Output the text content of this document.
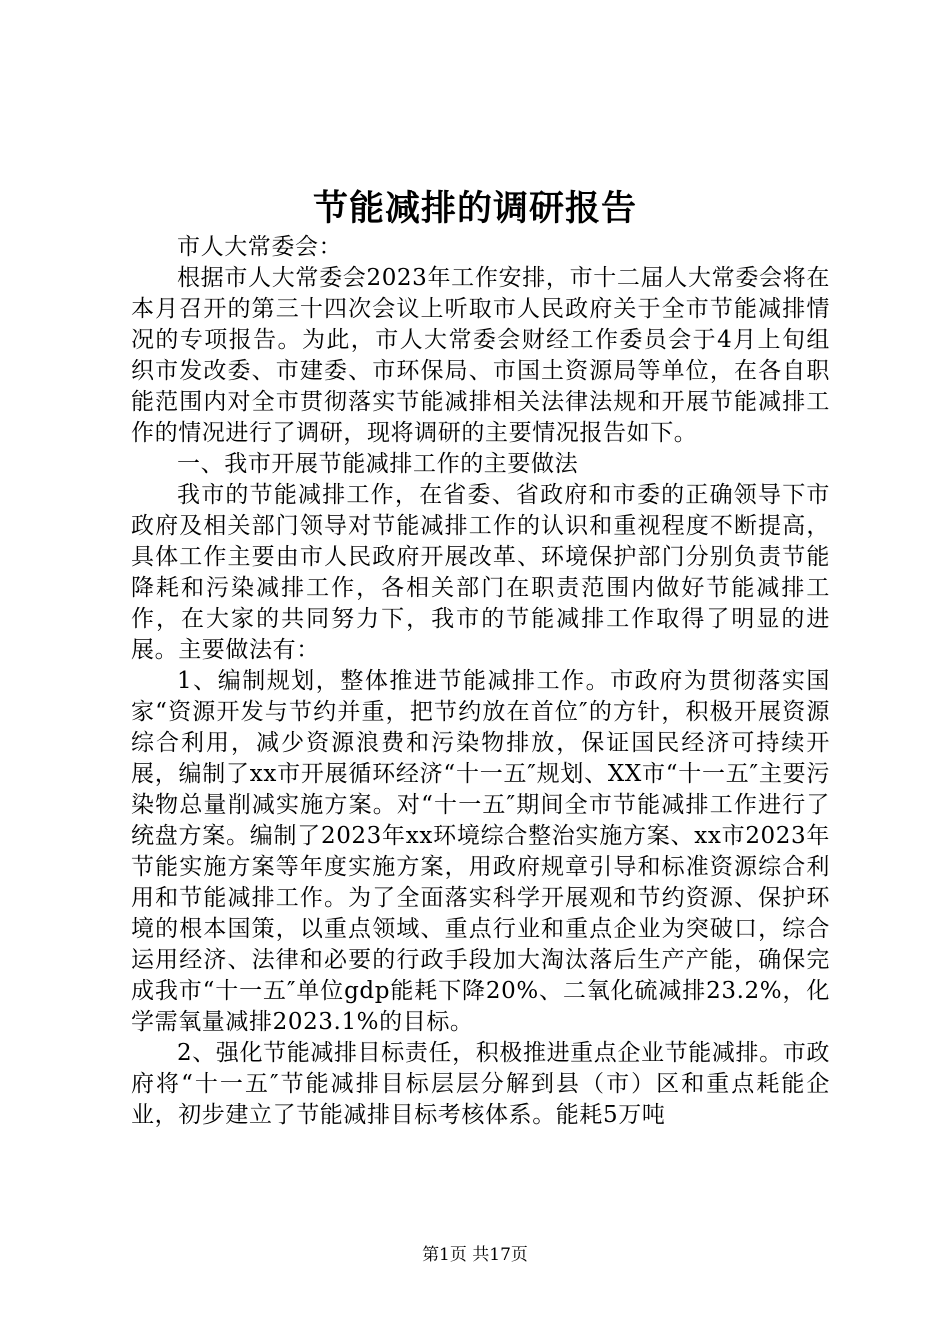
节能减排的调研报告

市人大常委会：

根据市人大常委会2023年工作安排，市十二届人大常委会将在本月召开的第三十四次会议上听取市人民政府关于全市节能减排情况的专项报告。为此，市人大常委会财经工作委员会于4月上旬组织市发改委、市建委、市环保局、市国土资源局等单位，在各自职能范围内对全市贯彻落实节能减排相关法律法规和开展节能减排工作的情况进行了调研，现将调研的主要情况报告如下。

一、我市开展节能减排工作的主要做法

我市的节能减排工作，在省委、省政府和市委的正确领导下市政府及相关部门领导对节能减排工作的认识和重视程度不断提高，具体工作主要由市人民政府开展改革、环境保护部门分别负责节能降耗和污染减排工作，各相关部门在职责范围内做好节能减排工作，在大家的共同努力下，我市的节能减排工作取得了明显的进展。主要做法有：

1、编制规划，整体推进节能减排工作。市政府为贯彻落实国家“资源开发与节约并重，把节约放在首位″的方针，积极开展资源综合利用，减少资源浪费和污染物排放，保证国民经济可持续开展，编制了xx市开展循环经济“十一五″规划、XX市“十一五″主要污染物总量削减实施方案。对“十一五″期间全市节能减排工作进行了统盘方案。编制了2023年xx环境综合整治实施方案、xx市2023年节能实施方案等年度实施方案，用政府规章引导和标准资源综合利用和节能减排工作。为了全面落实科学开展观和节约资源、保护环境的根本国策，以重点领域、重点行业和重点企业为突破口，综合运用经济、法律和必要的行政手段加大淘汰落后生产产能，确保完成我市“十一五″单位gdp能耗下降20%、二氧化硫减排23.2%，化学需氧量减排2023.1%的目标。

2、强化节能减排目标责任，积极推进重点企业节能减排。市政府将“十一五″节能减排目标层层分解到县（市）区和重点耗能企业，初步建立了节能减排目标考核体系。能耗5万吨

第1页 共17页
